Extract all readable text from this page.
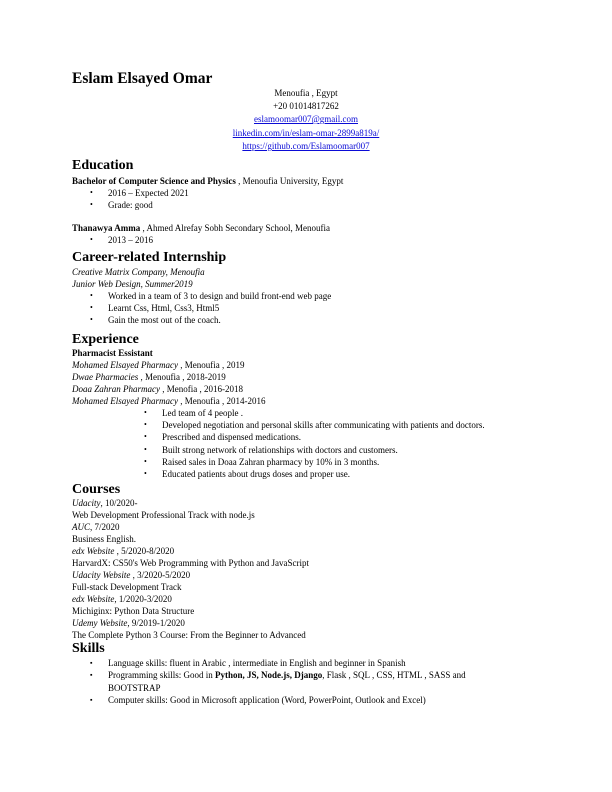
Eslam Elsayed Omar
Menoufia , Egypt
+20 01014817262
eslamoomar007@gmail.com
linkedin.com/in/eslam-omar-2899a819a/
https://github.com/Eslamoomar007
Education
Bachelor of Computer Science and Physics , Menoufia University, Egypt
• 2016 – Expected 2021
• Grade: good
Thanawya Amma , Ahmed Alrefay Sobh Secondary School, Menoufia
• 2013 – 2016
Career-related Internship
Creative Matrix Company, Menoufia
Junior Web Design, Summer2019
• Worked in a team of 3 to design and build front-end web page
• Learnt Css, Html, Css3, Html5
• Gain the most out of the coach.
Experience
Pharmacist Essistant
Mohamed Elsayed Pharmacy , Menoufia , 2019
Dwae Pharmacies , Menoufia , 2018-2019
Doaa Zahran Pharmacy , Menofia , 2016-2018
Mohamed Elsayed Pharmacy , Menoufia , 2014-2016
• Led team of 4 people .
• Developed negotiation and personal skills after communicating with patients and doctors.
• Prescribed and dispensed medications.
• Built strong network of relationships with doctors and customers.
• Raised sales in Doaa Zahran pharmacy by 10% in 3 months.
• Educated patients about drugs doses and proper use.
Courses
Udacity, 10/2020-
Web Development Professional Track with node.js
AUC, 7/2020
Business English.
edx Website , 5/2020-8/2020
HarvardX: CS50's Web Programming with Python and JavaScript
Udacity Website , 3/2020-5/2020
Full-stack Development Track
edx Website, 1/2020-3/2020
Michiginx: Python Data Structure
Udemy Website, 9/2019-1/2020
The Complete Python 3 Course: From the Beginner to Advanced
Skills
▪ Language skills: fluent in Arabic , intermediate in English and beginner in Spanish
▪ Programming skills: Good in Python, JS, Node.js, Django, Flask , SQL , CSS, HTML , SASS and
BOOTSTRAP
▪ Computer skills: Good in Microsoft application (Word, PowerPoint, Outlook and Excel)
